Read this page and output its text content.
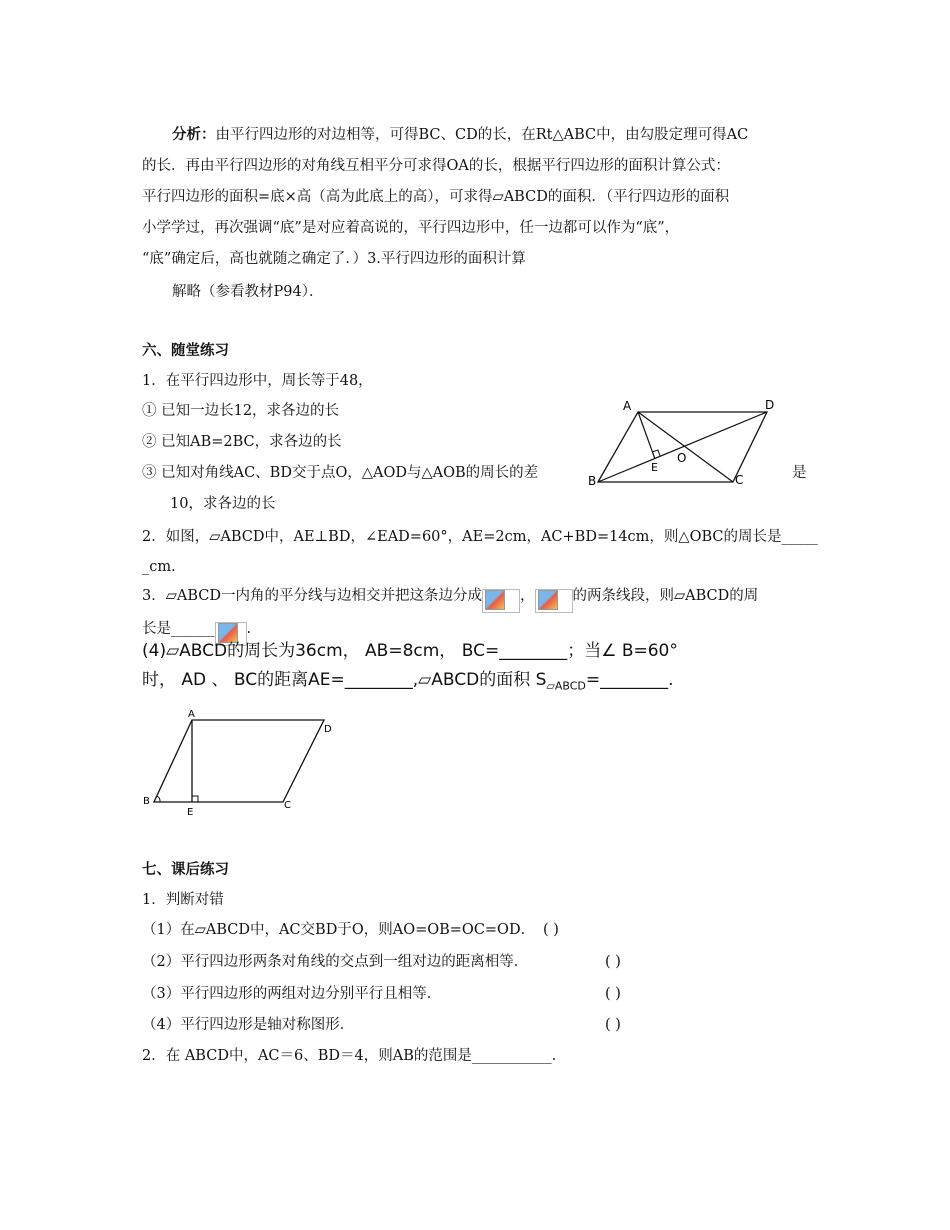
分析：由平行四边形的对边相等，可得BC、CD的长，在Rt△ABC中，由勾股定理可得AC
的长．再由平行四边形的对角线互相平分可求得OA的长，根据平行四边形的面积计算公式：
平行四边形的面积=底×高（高为此底上的高），可求得▱ABCD的面积．（平行四边形的面积
小学学过，再次强调“底”是对应着高说的，平行四边形中，任一边都可以作为“底”，
“底”确定后，高也就随之确定了．）3.平行四边形的面积计算
解略（参看教材P94）．
六、随堂练习
1．在平行四边形中，周长等于48，
① 已知一边长12，求各边的长
② 已知AB=2BC，求各边的长
③ 已知对角线AC、BD交于点O，△AOD与△AOB的周长的差	是
10，求各边的长
A	D
B	C
E
O
2．如图，▱ABCD中，AE⊥BD，∠EAD=60°，AE=2cm，AC+BD=14cm，则△OBC的周长是_____
_cm.
3．▱ABCD一内角的平分线与边相交并把这条边分成	，	的两条线段，则▱ABCD的周
长是______ .
(4)▱ABCD的周长为36cm， AB=8cm， BC=________；当∠ B=60°
时， AD 、 BC的距离AE=________,▱ABCD的面积 $S_{▱ABCD}=\_\_\_\_\_\_\_\_$.
A
D
B	C
E
七、课后练习
1．判断对错
（1）在▱ABCD中，AC交BD于O，则AO=OB=OC=OD． ( )
（2）平行四边形两条对角线的交点到一组对边的距离相等．	( )
（3）平行四边形的两组对边分别平行且相等．	( )
（4）平行四边形是轴对称图形．	( )
2．在 ABCD中，AC＝6、BD＝4，则AB的范围是___________.
